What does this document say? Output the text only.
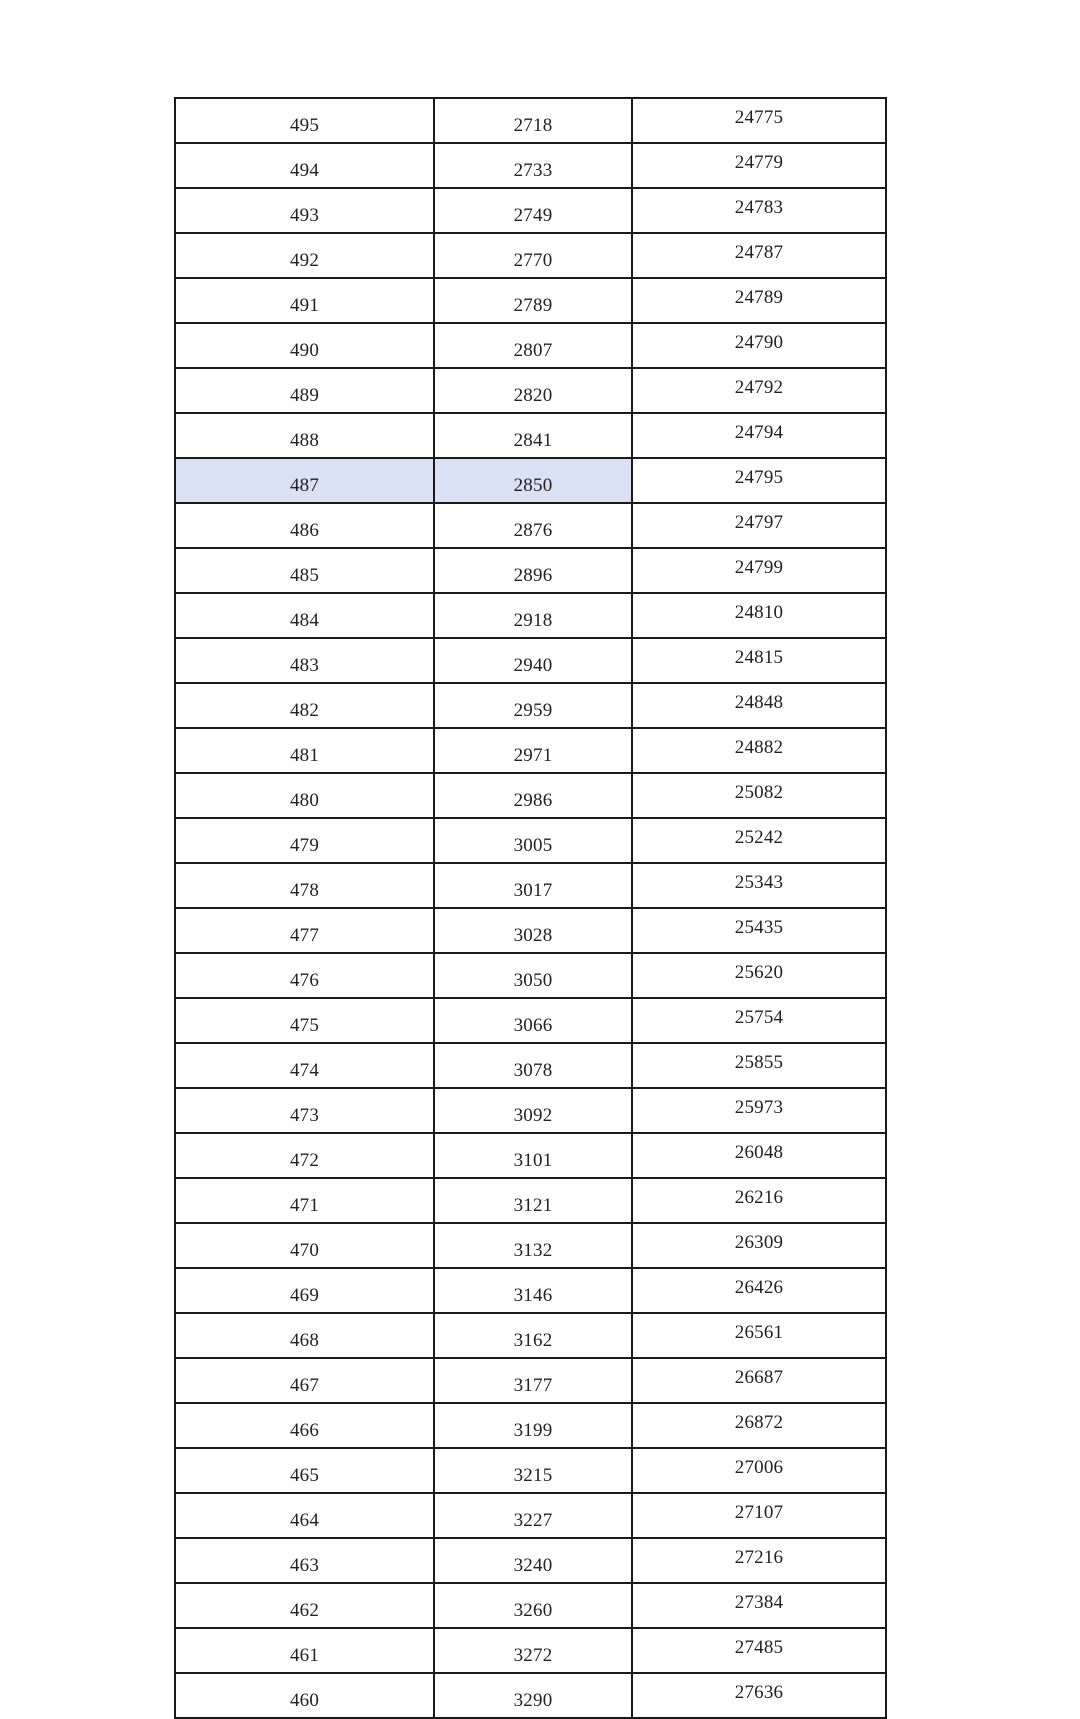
495	2718	24775
494	2733	24779
493	2749	24783
492	2770	24787
491	2789	24789
490	2807	24790
489	2820	24792
488	2841	24794
487	2850	24795
486	2876	24797
485	2896	24799
484	2918	24810
483	2940	24815
482	2959	24848
481	2971	24882
480	2986	25082
479	3005	25242
478	3017	25343
477	3028	25435
476	3050	25620
475	3066	25754
474	3078	25855
473	3092	25973
472	3101	26048
471	3121	26216
470	3132	26309
469	3146	26426
468	3162	26561
467	3177	26687
466	3199	26872
465	3215	27006
464	3227	27107
463	3240	27216
462	3260	27384
461	3272	27485
460	3290	27636
